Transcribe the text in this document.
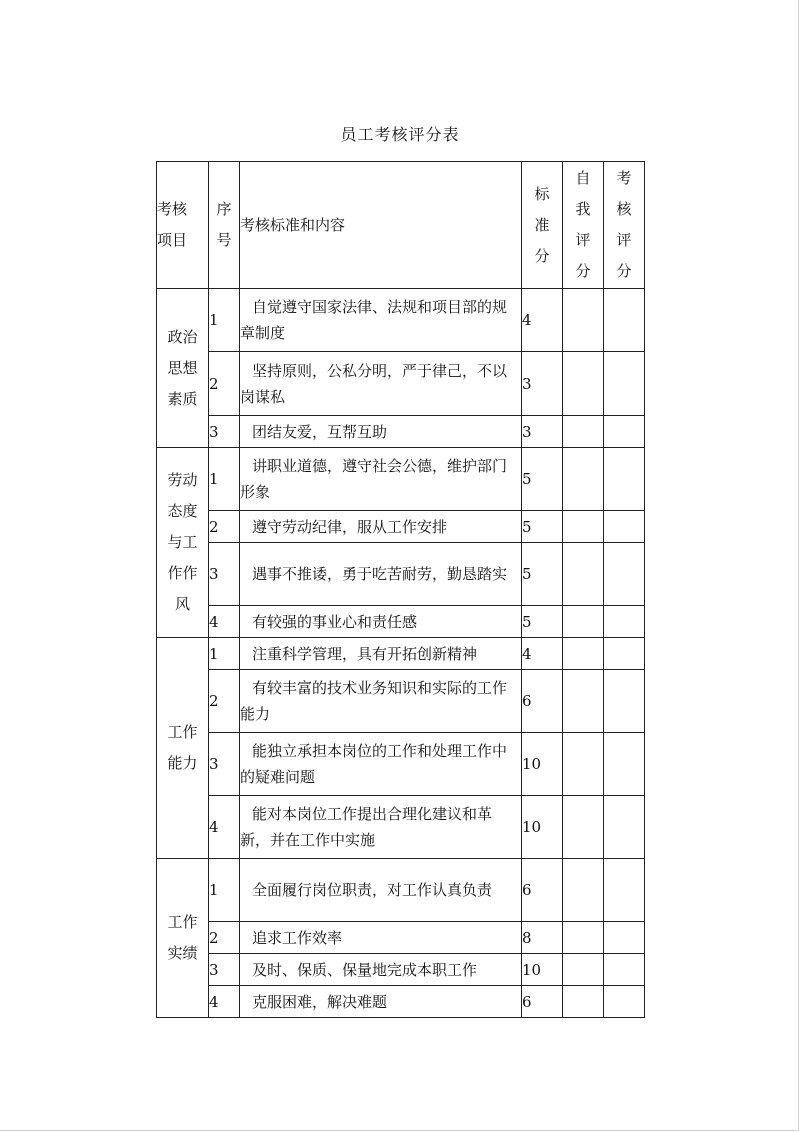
员工考核评分表
考核项目	序号	考核标准和内容	标准分	自我评分	考核评分
政治思想素质	1	自觉遵守国家法律、法规和项目部的规章制度	4		
	2	坚持原则，公私分明，严于律己，不以岗谋私	3		
	3	团结友爱，互帮互助	3		
劳动态度与工作作风	1	讲职业道德，遵守社会公德，维护部门形象	5		
	2	遵守劳动纪律，服从工作安排	5		
	3	遇事不推诿，勇于吃苦耐劳，勤恳踏实	5		
	4	有较强的事业心和责任感	5		
工作能力	1	注重科学管理，具有开拓创新精神	4		
	2	有较丰富的技术业务知识和实际的工作能力	6		
	3	能独立承担本岗位的工作和处理工作中的疑难问题	10		
	4	能对本岗位工作提出合理化建议和革新，并在工作中实施	10		
工作实绩	1	全面履行岗位职责，对工作认真负责	6		
	2	追求工作效率	8		
	3	及时、保质、保量地完成本职工作	10		
	4	克服困难，解决难题	6		
